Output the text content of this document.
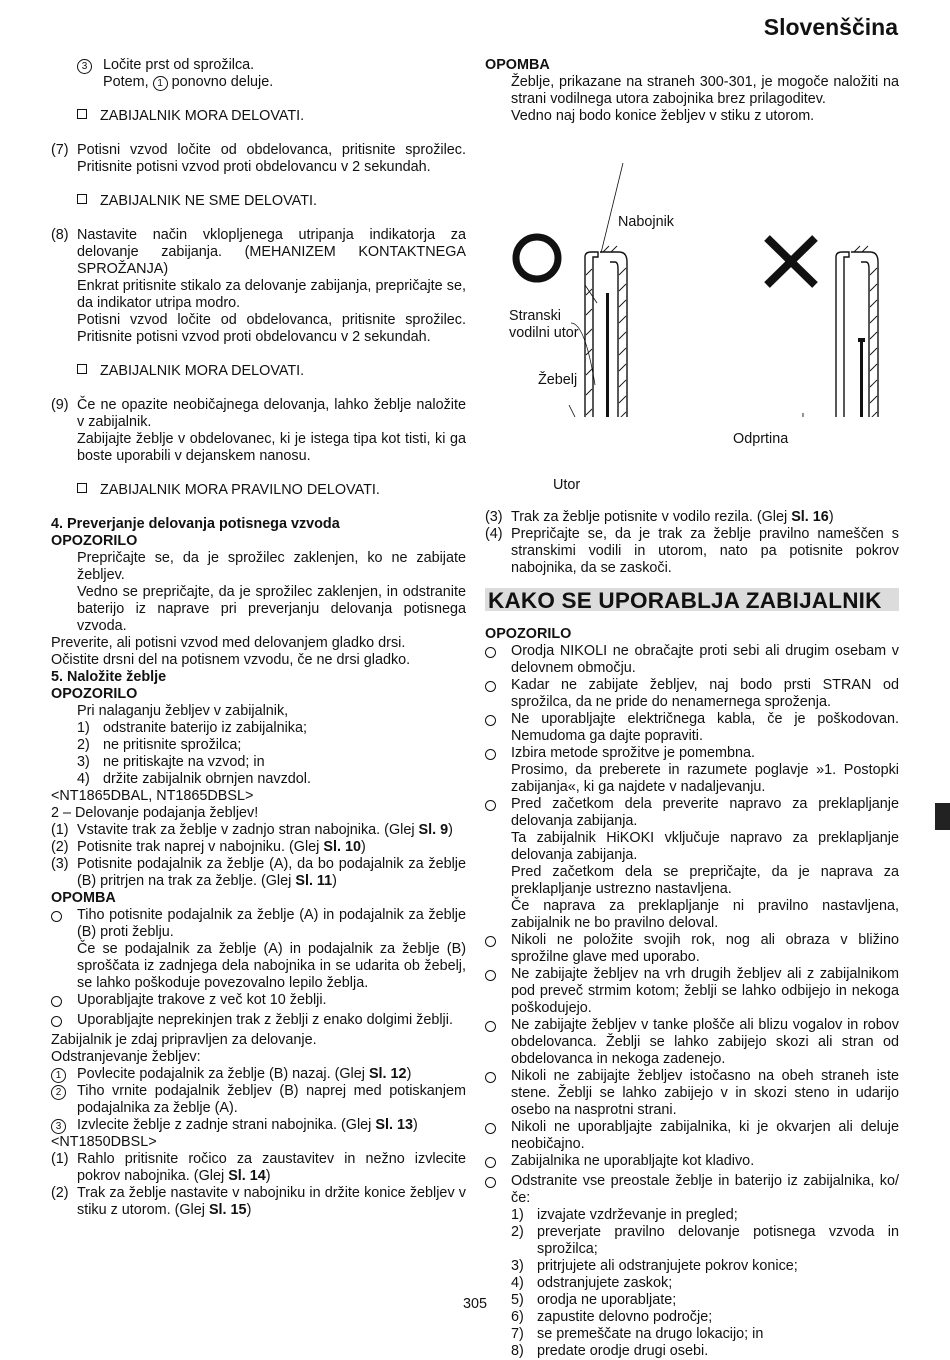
Slovenščina
3	Ločite prst od sprožilca.
Potem, 1 ponovno deluje.
ZABIJALNIK MORA DELOVATI.
(7) Potisni vzvod ločite od obdelovanca, pritisnite sprožilec. Pritisnite potisni vzvod proti obdelovancu v 2 sekundah.
ZABIJALNIK NE SME DELOVATI.
(8) Nastavite način vklopljenega utripanja indikatorja za delovanje zabijanja. (MEHANIZEM KONTAKTNEGA SPROŽANJA)
Enkrat pritisnite stikalo za delovanje zabijanja, prepričajte se, da indikator utripa modro.
Potisni vzvod ločite od obdelovanca, pritisnite sprožilec. Pritisnite potisni vzvod proti obdelovancu v 2 sekundah.
ZABIJALNIK MORA DELOVATI.
(9) Če ne opazite neobičajnega delovanja, lahko žeblje naložite v zabijalnik.
Zabijajte žeblje v obdelovanec, ki je istega tipa kot tisti, ki ga boste uporabili v dejanskem nanosu.
ZABIJALNIK MORA PRAVILNO DELOVATI.
4. Preverjanje delovanja potisnega vzvoda
OPOZORILO
Prepričajte se, da je sprožilec zaklenjen, ko ne zabijate žebljev.
Vedno se prepričajte, da je sprožilec zaklenjen, in odstranite baterijo iz naprave pri preverjanju delovanja potisnega vzvoda.
Preverite, ali potisni vzvod med delovanjem gladko drsi.
Očistite drsni del na potisnem vzvodu, če ne drsi gladko.
5. Naložite žeblje
OPOZORILO
Pri nalaganju žebljev v zabijalnik,
1) odstranite baterijo iz zabijalnika;
2) ne pritisnite sprožilca;
3) ne pritiskajte na vzvod; in
4) držite zabijalnik obrnjen navzdol.
<NT1865DBAL, NT1865DBSL>
2 – Delovanje podajanja žebljev!
(1) Vstavite trak za žeblje v zadnjo stran nabojnika. (Glej Sl. 9)
(2) Potisnite trak naprej v nabojniku. (Glej Sl. 10)
(3) Potisnite podajalnik za žeblje (A), da bo podajalnik za žeblje (B) pritrjen na trak za žeblje. (Glej Sl. 11)
OPOMBA
Tiho potisnite podajalnik za žeblje (A) in podajalnik za žeblje (B) proti žeblju.
Če se podajalnik za žeblje (A) in podajalnik za žeblje (B) sproščata iz zadnjega dela nabojnika in se udarita ob žebelj, se lahko poškoduje povezovalno lepilo žeblja.
Uporabljajte trakove z več kot 10 žeblji.
Uporabljajte neprekinjen trak z žeblji z enako dolgimi žeblji.
Zabijalnik je zdaj pripravljen za delovanje.
Odstranjevanje žebljev:
1	Povlecite podajalnik za žeblje (B) nazaj. (Glej Sl. 12)
2	Tiho vrnite podajalnik žebljev (B) naprej med potiskanjem podajalnika za žeblje (A).
3	Izvlecite žeblje z zadnje strani nabojnika. (Glej Sl. 13)
<NT1850DBSL>
(1) Rahlo pritisnite ročico za zaustavitev in nežno izvlecite pokrov nabojnika. (Glej Sl. 14)
(2) Trak za žeblje nastavite v nabojniku in držite konice žebljev v stiku z utorom. (Glej Sl. 15)
OPOMBA
Žeblje, prikazane na straneh 300-301, je mogoče naložiti na strani vodilnega utora zabojnika brez prilagoditev.
Vedno naj bodo konice žebljev v stiku z utorom.
Nabojnik
Stranski
vodilni utor
Žebelj
Utor
Odprtina
(3) Trak za žeblje potisnite v vodilo rezila. (Glej Sl. 16)
(4) Prepričajte se, da je trak za žeblje pravilno nameščen s stranskimi vodili in utorom, nato pa potisnite pokrov nabojnika, da se zaskoči.
KAKO SE UPORABLJA ZABIJALNIK
OPOZORILO
Orodja NIKOLI ne obračajte proti sebi ali drugim osebam v delovnem območju.
Kadar ne zabijate žebljev, naj bodo prsti STRAN od sprožilca, da ne pride do nenamernega sproženja.
Ne uporabljajte električnega kabla, če je poškodovan. Nemudoma ga dajte popraviti.
Izbira metode sprožitve je pomembna.
Prosimo, da preberete in razumete poglavje »1. Postopki zabijanja«, ki ga najdete v nadaljevanju.
Pred začetkom dela preverite napravo za preklapljanje delovanja zabijanja.
Ta zabijalnik HiKOKI vključuje napravo za preklapljanje delovanja zabijanja.
Pred začetkom dela se prepričajte, da je naprava za preklapljanje ustrezno nastavljena.
Če naprava za preklapljanje ni pravilno nastavljena, zabijalnik ne bo pravilno deloval.
Nikoli ne položite svojih rok, nog ali obraza v bližino sprožilne glave med uporabo.
Ne zabijajte žebljev na vrh drugih žebljev ali z zabijalnikom pod preveč strmim kotom; žeblji se lahko odbijejo in nekoga poškodujejo.
Ne zabijajte žebljev v tanke plošče ali blizu vogalov in robov obdelovanca. Žeblji se lahko zabijejo skozi ali stran od obdelovanca in nekoga zadenejo.
Nikoli ne zabijajte žebljev istočasno na obeh straneh iste stene. Žeblji se lahko zabijejo v in skozi steno in udarijo osebo na nasprotni strani.
Nikoli ne uporabljajte zabijalnika, ki je okvarjen ali deluje neobičajno.
Zabijalnika ne uporabljajte kot kladivo.
Odstranite vse preostale žeblje in baterijo iz zabijalnika, ko/če:
1) izvajate vzdrževanje in pregled;
2) preverjate pravilno delovanje potisnega vzvoda in sprožilca;
3) pritrjujete ali odstranjujete pokrov konice;
4) odstranjujete zaskok;
5) orodja ne uporabljate;
6) zapustite delovno področje;
7) se premeščate na drugo lokacijo; in
8) predate orodje drugi osebi.
305
